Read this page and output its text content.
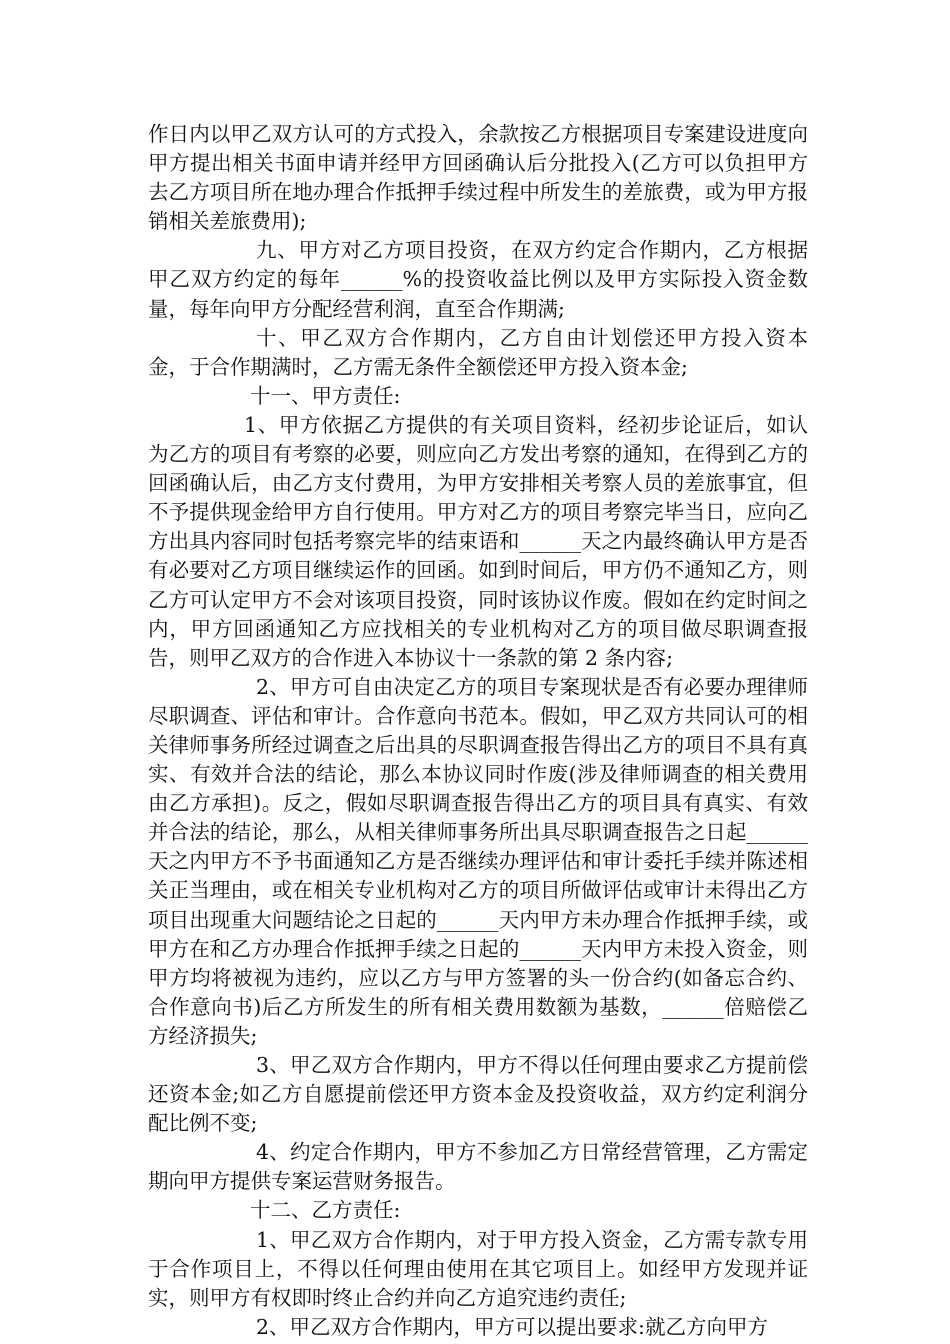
作日内以甲乙双方认可的方式投入，余款按乙方根据项目专案建设进度向甲方提出相关书面申请并经甲方回函确认后分批投入(乙方可以负担甲方去乙方项目所在地办理合作抵押手续过程中所发生的差旅费，或为甲方报销相关差旅费用);

九、甲方对乙方项目投资，在双方约定合作期内，乙方根据甲乙双方约定的每年______%的投资收益比例以及甲方实际投入资金数量，每年向甲方分配经营利润，直至合作期满;

十、甲乙双方合作期内，乙方自由计划偿还甲方投入资本金，于合作期满时，乙方需无条件全额偿还甲方投入资本金;

十一、甲方责任:

1、甲方依据乙方提供的有关项目资料，经初步论证后，如认为乙方的项目有考察的必要，则应向乙方发出考察的通知，在得到乙方的回函确认后，由乙方支付费用，为甲方安排相关考察人员的差旅事宜，但不予提供现金给甲方自行使用。甲方对乙方的项目考察完毕当日，应向乙方出具内容同时包括考察完毕的结束语和______天之内最终确认甲方是否有必要对乙方项目继续运作的回函。如到时间后，甲方仍不通知乙方，则乙方可认定甲方不会对该项目投资，同时该协议作废。假如在约定时间之内，甲方回函通知乙方应找相关的专业机构对乙方的项目做尽职调查报告，则甲乙双方的合作进入本协议十一条款的第 2 条内容;

2、甲方可自由决定乙方的项目专案现状是否有必要办理律师尽职调查、评估和审计。合作意向书范本。假如，甲乙双方共同认可的相关律师事务所经过调查之后出具的尽职调查报告得出乙方的项目不具有真实、有效并合法的结论，那么本协议同时作废(涉及律师调查的相关费用由乙方承担)。反之，假如尽职调查报告得出乙方的项目具有真实、有效并合法的结论，那么，从相关律师事务所出具尽职调查报告之日起______天之内甲方不予书面通知乙方是否继续办理评估和审计委托手续并陈述相关正当理由，或在相关专业机构对乙方的项目所做评估或审计未得出乙方项目出现重大问题结论之日起的______天内甲方未办理合作抵押手续，或甲方在和乙方办理合作抵押手续之日起的______天内甲方未投入资金，则甲方均将被视为违约，应以乙方与甲方签署的头一份合约(如备忘合约、合作意向书)后乙方所发生的所有相关费用数额为基数，______倍赔偿乙方经济损失;

3、甲乙双方合作期内，甲方不得以任何理由要求乙方提前偿还资本金;如乙方自愿提前偿还甲方资本金及投资收益，双方约定利润分配比例不变;

4、约定合作期内，甲方不参加乙方日常经营管理，乙方需定期向甲方提供专案运营财务报告。

十二、乙方责任:

1、甲乙双方合作期内，对于甲方投入资金，乙方需专款专用于合作项目上，不得以任何理由使用在其它项目上。如经甲方发现并证实，则甲方有权即时终止合约并向乙方追究违约责任;

2、甲乙双方合作期内，甲方可以提出要求:就乙方向甲方
